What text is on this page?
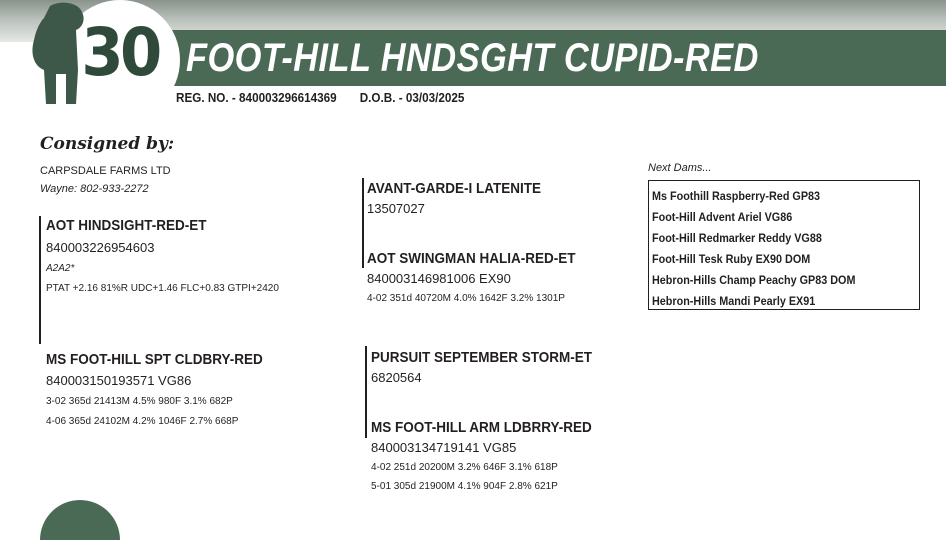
30 FOOT-HILL HNDSGHT CUPID-RED
REG. NO. - 840003296614369 D.O.B. - 03/03/2025
Consigned by:
CARPSDALE FARMS LTD
Wayne: 802-933-2272
AOT HINDSIGHT-RED-ET
840003226954603
A2A2*
PTAT +2.16 81%R UDC+1.46 FLC+0.83 GTPI+2420
AVANT-GARDE-I LATENITE
13507027
AOT SWINGMAN HALIA-RED-ET
840003146981006 EX90
4-02 351d 40720M 4.0% 1642F 3.2% 1301P
MS FOOT-HILL SPT CLDBRY-RED
840003150193571 VG86
3-02 365d 21413M 4.5% 980F 3.1% 682P
4-06 365d 24102M 4.2% 1046F 2.7% 668P
PURSUIT SEPTEMBER STORM-ET
6820564
MS FOOT-HILL ARM LDBRRY-RED
840003134719141 VG85
4-02 251d 20200M 3.2% 646F 3.1% 618P
5-01 305d 21900M 4.1% 904F 2.8% 621P
Next Dams...
Ms Foothill Raspberry-Red GP83
Foot-Hill Advent Ariel VG86
Foot-Hill Redmarker Reddy VG88
Foot-Hill Tesk Ruby EX90 DOM
Hebron-Hills Champ Peachy GP83 DOM
Hebron-Hills Mandi Pearly EX91
